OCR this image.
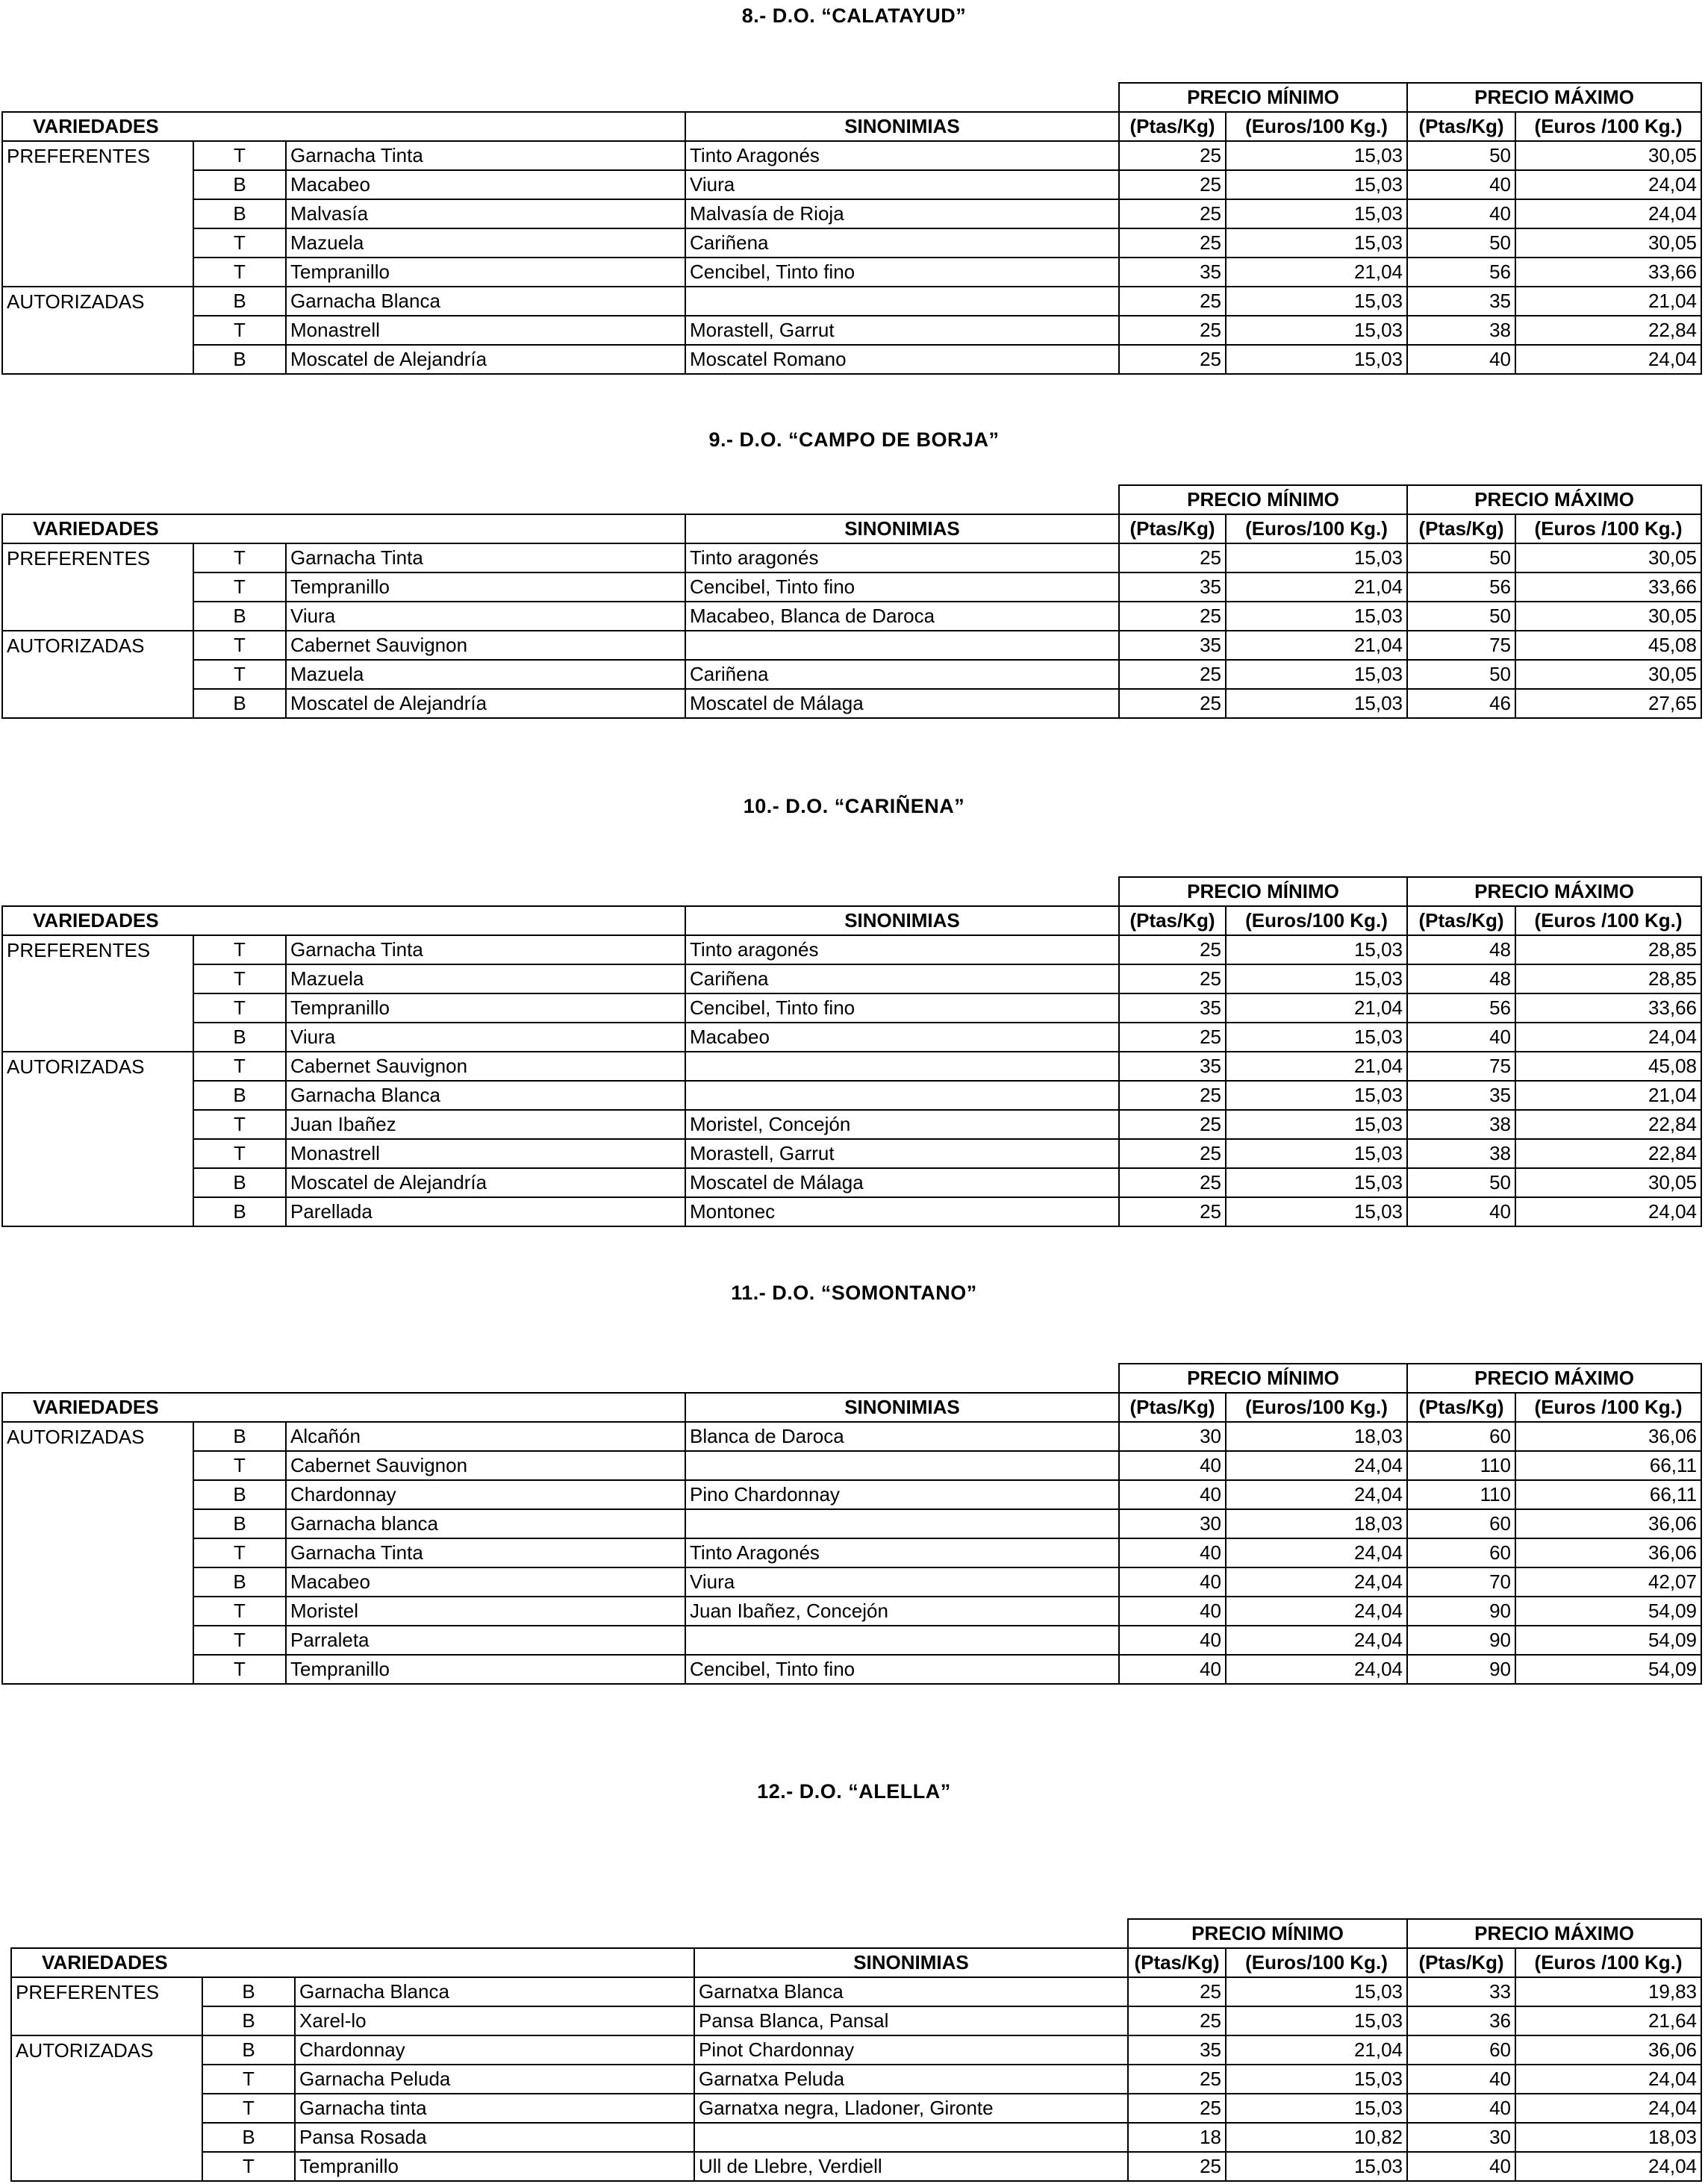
8.- D.O. “CALATAYUD”
9.- D.O. “CAMPO DE BORJA”
10.- D.O. “CARIÑENA”
11.- D.O. “SOMONTANO”
12.- D.O. “ALELLA”
				PRECIO MÍNIMO		PRECIO MÁXIMO	
VARIEDADES			SINONIMIAS	(Ptas/Kg)	(Euros/100 Kg.)	(Ptas/Kg)	(Euros /100 Kg.)
PREFERENTES	T	Garnacha Tinta	Tinto Aragonés	25	15,03	50	30,05
	B	Macabeo	Viura	25	15,03	40	24,04
	B	Malvasía	Malvasía de Rioja	25	15,03	40	24,04
	T	Mazuela	Cariñena	25	15,03	50	30,05
	T	Tempranillo	Cencibel, Tinto fino	35	21,04	56	33,66
AUTORIZADAS	B	Garnacha Blanca		25	15,03	35	21,04
	T	Monastrell	Morastell, Garrut	25	15,03	38	22,84
	B	Moscatel de Alejandría	Moscatel Romano	25	15,03	40	24,04
				PRECIO MÍNIMO		PRECIO MÁXIMO	
VARIEDADES			SINONIMIAS	(Ptas/Kg)	(Euros/100 Kg.)	(Ptas/Kg)	(Euros /100 Kg.)
PREFERENTES	T	Garnacha Tinta	Tinto aragonés	25	15,03	50	30,05
	T	Tempranillo	Cencibel, Tinto fino	35	21,04	56	33,66
	B	Viura	Macabeo, Blanca de Daroca	25	15,03	50	30,05
AUTORIZADAS	T	Cabernet Sauvignon		35	21,04	75	45,08
	T	Mazuela	Cariñena	25	15,03	50	30,05
	B	Moscatel de Alejandría	Moscatel de Málaga	25	15,03	46	27,65
				PRECIO MÍNIMO		PRECIO MÁXIMO	
VARIEDADES			SINONIMIAS	(Ptas/Kg)	(Euros/100 Kg.)	(Ptas/Kg)	(Euros /100 Kg.)
PREFERENTES	T	Garnacha Tinta	Tinto aragonés	25	15,03	48	28,85
	T	Mazuela	Cariñena	25	15,03	48	28,85
	T	Tempranillo	Cencibel, Tinto fino	35	21,04	56	33,66
	B	Viura	Macabeo	25	15,03	40	24,04
AUTORIZADAS	T	Cabernet Sauvignon		35	21,04	75	45,08
	B	Garnacha Blanca		25	15,03	35	21,04
	T	Juan Ibañez	Moristel, Concejón	25	15,03	38	22,84
	T	Monastrell	Morastell, Garrut	25	15,03	38	22,84
	B	Moscatel de Alejandría	Moscatel de Málaga	25	15,03	50	30,05
	B	Parellada	Montonec	25	15,03	40	24,04
				PRECIO MÍNIMO		PRECIO MÁXIMO	
VARIEDADES			SINONIMIAS	(Ptas/Kg)	(Euros/100 Kg.)	(Ptas/Kg)	(Euros /100 Kg.)
AUTORIZADAS	B	Alcañón	Blanca de Daroca	30	18,03	60	36,06
	T	Cabernet Sauvignon		40	24,04	110	66,11
	B	Chardonnay	Pino Chardonnay	40	24,04	110	66,11
	B	Garnacha blanca		30	18,03	60	36,06
	T	Garnacha Tinta	Tinto Aragonés	40	24,04	60	36,06
	B	Macabeo	Viura	40	24,04	70	42,07
	T	Moristel	Juan Ibañez, Concejón	40	24,04	90	54,09
	T	Parraleta		40	24,04	90	54,09
	T	Tempranillo	Cencibel, Tinto fino	40	24,04	90	54,09
				PRECIO MÍNIMO		PRECIO MÁXIMO	
VARIEDADES			SINONIMIAS	(Ptas/Kg)	(Euros/100 Kg.)	(Ptas/Kg)	(Euros /100 Kg.)
PREFERENTES	B	Garnacha Blanca	Garnatxa Blanca	25	15,03	33	19,83
	B	Xarel-lo	Pansa Blanca, Pansal	25	15,03	36	21,64
AUTORIZADAS	B	Chardonnay	Pinot Chardonnay	35	21,04	60	36,06
	T	Garnacha Peluda	Garnatxa Peluda	25	15,03	40	24,04
	T	Garnacha tinta	Garnatxa negra, Lladoner, Gironte	25	15,03	40	24,04
	B	Pansa Rosada		18	10,82	30	18,03
	T	Tempranillo	Ull de Llebre, Verdiell	25	15,03	40	24,04
